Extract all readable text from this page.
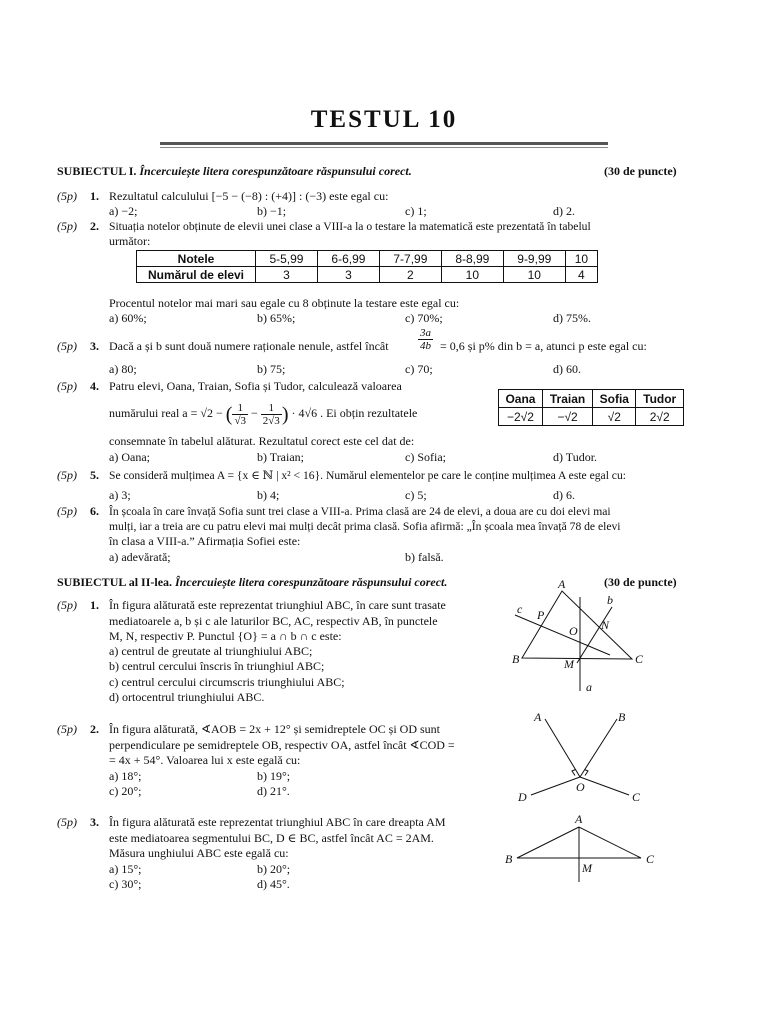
TESTUL 10
SUBIECTUL I. Încercuiește litera corespunzătoare răspunsului corect.	(30 de puncte)
(5p) 1. Rezultatul calculului [−5 − (−8) : (+4)] : (−3) este egal cu:
a) −2;	b) −1;	c) 1;	d) 2.
(5p) 2. Situația notelor obținute de elevii unei clase a VIII-a la o testare la matematică este prezentată în tabelul
următor:
Notele	5-5,99	6-6,99	7-7,99	8-8,99	9-9,99	10
Numărul de elevi	3	3	2	10	10	4
Procentul notelor mai mari sau egale cu 8 obținute la testare este egal cu:
a) 60%;	b) 65%;	c) 70%;	d) 75%.
(5p) 3. Dacă a și b sunt două numere raționale nenule, astfel încât	$\frac{3a}{4b} = 0,6$ și p% din b = a, atunci p este egal cu:
a) 80;	b) 75;	c) 70;	d) 60.
(5p) 4. Patru elevi, Oana, Traian, Sofia și Tudor, calculează valoarea
numărului real a = √2 − ( $\frac{1}{√3} - \frac{1}{2√3}$ ) · 4√6 . Ei obțin rezultatele
consemnate în tabelul alăturat. Rezultatul corect este cel dat de:
Oana	Traian	Sofia	Tudor
−2√2	−√2	√2	2√2
a) Oana;	b) Traian;	c) Sofia;	d) Tudor.
(5p) 5. Se consideră mulțimea A = {x ∈ ℕ | x² < 16}. Numărul elementelor pe care le conține mulțimea A este egal cu:
a) 3;	b) 4;	c) 5;	d) 6.
(5p) 6. În școala în care învață Sofia sunt trei clase a VIII-a. Prima clasă are 24 de elevi, a doua are cu doi elevi mai
mulți, iar a treia are cu patru elevi mai mulți decât prima clasă. Sofia afirmă: „În școala mea învață 78 de elevi
în clasa a VIII-a.” Afirmația Sofiei este:
a) adevărată;	b) falsă.
SUBIECTUL al II-lea. Încercuiește litera corespunzătoare răspunsului corect.	(30 de puncte)
(5p) 1. În figura alăturată este reprezentat triunghiul ABC, în care sunt trasate
mediatoarele a, b și c ale laturilor BC, AC, respectiv AB, în punctele
M, N, respectiv P. Punctul {O} = a ∩ b ∩ c este:
a) centrul de greutate al triunghiului ABC;
b) centrul cercului înscris în triunghiul ABC;
c) centrul cercului circumscris triunghiului ABC;
d) ortocentrul triunghiului ABC.
A
B	C
M
N
P
O
a
b
c
(5p) 2. În figura alăturată, ∢AOB = 2x + 12° și semidreptele OC și OD sunt
perpendiculare pe semidreptele OB, respectiv OA, astfel încât ∢COD =
= 4x + 54°. Valoarea lui x este egală cu:
a) 18°;	b) 19°;
c) 20°;	d) 21°.
A	B
C
D
O
(5p) 3. În figura alăturată este reprezentat triunghiul ABC în care dreapta AM
este mediatoarea segmentului BC, D ∈ BC, astfel încât AC = 2AM.
Măsura unghiului ABC este egală cu:
a) 15°;	b) 20°;
c) 30°;	d) 45°.
A
B	C
M
